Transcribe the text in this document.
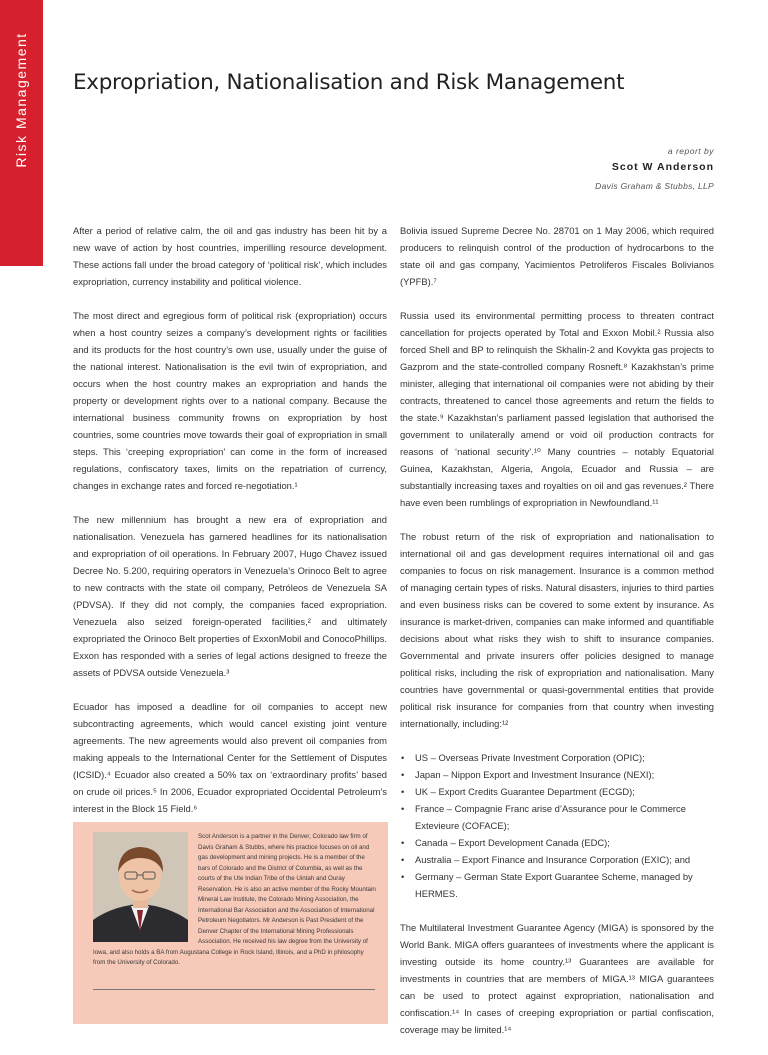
Risk Management Expropriation, Nationalisation and Risk Management
a report by
Scot W Anderson
Davis Graham & Stubbs, LLP

After a period of relative calm, the oil and gas industry has been hit by a new wave of action by host countries, imperilling resource development. These actions fall under the broad category of ‘political risk’, which includes expropriation, currency instability and political violence.

The most direct and egregious form of political risk (expropriation) occurs when a host country seizes a company’s development rights or facilities and its products for the host country’s own use, usually under the guise of the national interest. Nationalisation is the evil twin of expropriation, and occurs when the host country makes an expropriation and hands the property or development rights over to a national company. Because the international business community frowns on expropriation by host countries, some countries move towards their goal of expropriation in small steps. This ‘creeping expropriation’ can come in the form of increased regulations, confiscatory taxes, limits on the repatriation of currency, changes in exchange rates and forced re-negotiation.¹

The new millennium has brought a new era of expropriation and nationalisation. Venezuela has garnered headlines for its nationalisation and expropriation of oil operations. In February 2007, Hugo Chavez issued Decree No. 5.200, requiring operators in Venezuela’s Orinoco Belt to agree to new contracts with the state oil company, Petróleos de Venezuela SA (PDVSA). If they did not comply, the companies faced expropriation. Venezuela also seized foreign-operated facilities,² and ultimately expropriated the Orinoco Belt properties of ExxonMobil and ConocoPhillips. Exxon has responded with a series of legal actions designed to freeze the assets of PDVSA outside Venezuela.³

Ecuador has imposed a deadline for oil companies to accept new subcontracting agreements, which would cancel existing joint venture agreements. The new agreements would also prevent oil companies from making appeals to the International Center for the Settlement of Disputes (ICSID).⁴ Ecuador also created a 50% tax on ‘extraordinary profits’ based on crude oil prices.⁵ In 2006, Ecuador expropriated Occidental Petroleum’s interest in the Block 15 Field.⁶

Bolivia issued Supreme Decree No. 28701 on 1 May 2006, which required producers to relinquish control of the production of hydrocarbons to the state oil and gas company, Yacimientos Petroliferos Fiscales Bolivianos (YPFB).⁷

Russia used its environmental permitting process to threaten contract cancellation for projects operated by Total and Exxon Mobil.² Russia also forced Shell and BP to relinquish the Skhalin-2 and Kovykta gas projects to Gazprom and the state-controlled company Rosneft.⁸ Kazakhstan’s prime minister, alleging that international oil companies were not abiding by their contracts, threatened to cancel those agreements and return the fields to the state.⁹ Kazakhstan’s parliament passed legislation that authorised the government to unilaterally amend or void oil production contracts for reasons of ‘national security’.¹⁰ Many countries – notably Equatorial Guinea, Kazakhstan, Algeria, Angola, Ecuador and Russia – are substantially increasing taxes and royalties on oil and gas revenues.² There have even been rumblings of expropriation in Newfoundland.¹¹

The robust return of the risk of expropriation and nationalisation to international oil and gas development requires international oil and gas companies to focus on risk management. Insurance is a common method of managing certain types of risks. Natural disasters, injuries to third parties and even business risks can be covered to some extent by insurance. As insurance is market-driven, companies can make informed and quantifiable decisions about what risks they wish to shift to insurance companies. Governmental and private insurers offer policies designed to manage political risks, including the risk of expropriation and nationalisation. Many countries have governmental or quasi-governmental entities that provide political risk insurance for companies from that country when investing internationally, including:¹²

• US – Overseas Private Investment Corporation (OPIC);
• Japan – Nippon Export and Investment Insurance (NEXI);
• UK – Export Credits Guarantee Department (ECGD);
• France – Compagnie Franc arise d’Assurance pour le Commerce Extevieure (COFACE);
• Canada – Export Development Canada (EDC);
• Australia – Export Finance and Insurance Corporation (EXIC); and
• Germany – German State Export Guarantee Scheme, managed by HERMES.

The Multilateral Investment Guarantee Agency (MIGA) is sponsored by the World Bank. MIGA offers guarantees of investments where the applicant is investing outside its home country.¹³ Guarantees are available for investments in countries that are members of MIGA.¹³ MIGA guarantees can be used to protect against expropriation, nationalisation and confiscation.¹⁴ In cases of creeping expropriation or partial confiscation, coverage may be limited.¹⁴

Scot Anderson is a partner in the Denver, Colorado law firm of Davis Graham & Stubbs, where his practice focuses on oil and gas development and mining projects. He is a member of the bars of Colorado and the District of Columbia, as well as the courts of the Ute Indian Tribe of the Uintah and Ouray Reservation. He is also an active member of the Rocky Mountain Mineral Law Institute, the Colorado Mining Association, the International Bar Association and the Association of International Petroleum Negotiators. Mr Anderson is Past President of the Denver Chapter of the International Mining Professionals Association. He received his law degree from the University of Iowa, and also holds a BA from Augustana College in Rock Island, Illinois, and a PhD in philosophy from the University of Colorado.
